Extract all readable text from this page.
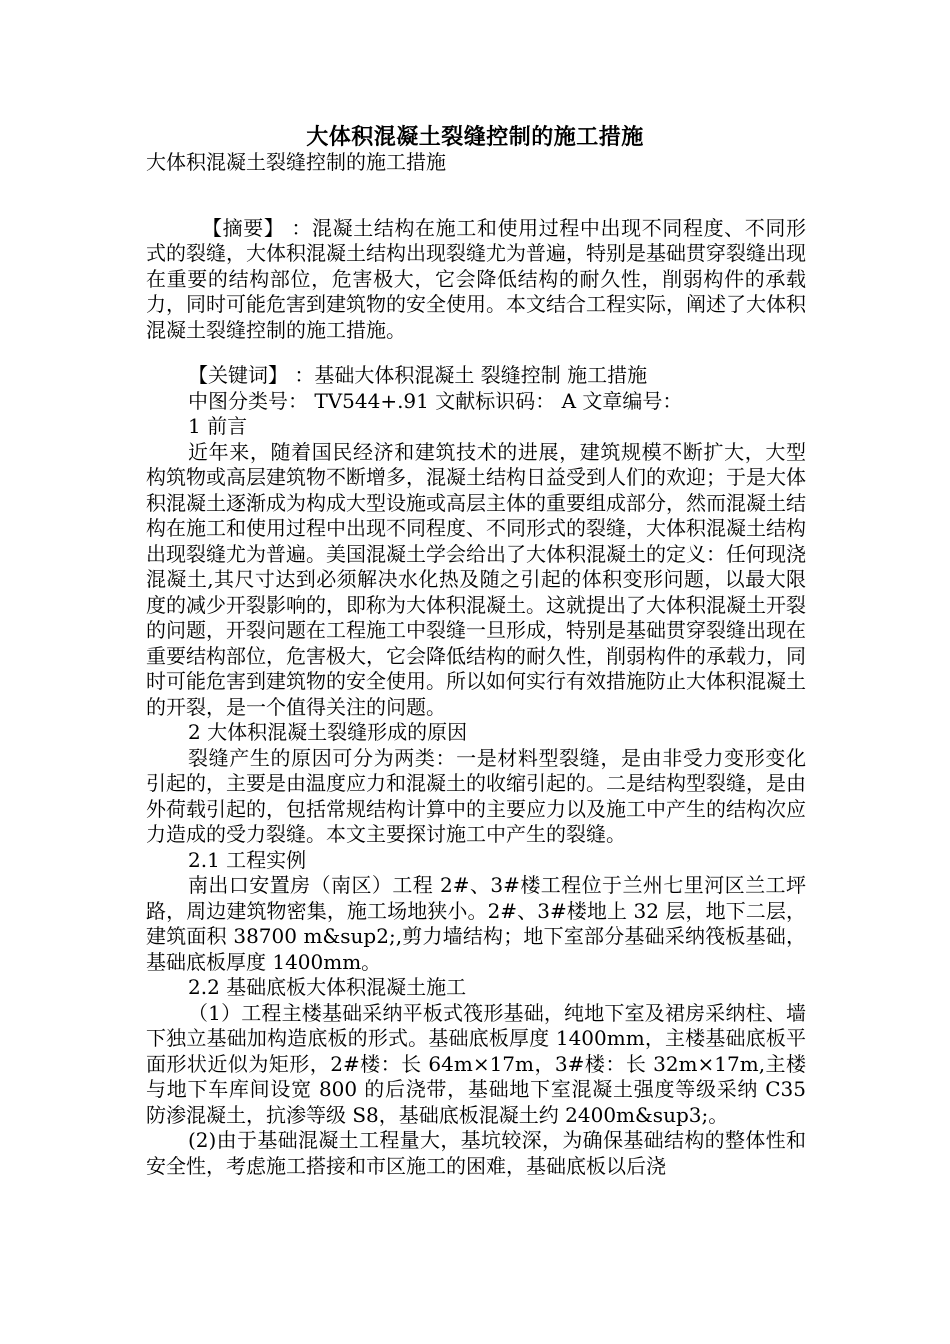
大体积混凝土裂缝控制的施工措施

大体积混凝土裂缝控制的施工措施

【摘要】 ：混凝土结构在施工和使用过程中出现不同程度、不同形式的裂缝，大体积混凝土结构出现裂缝尤为普遍，特别是基础贯穿裂缝出现在重要的结构部位，危害极大，它会降低结构的耐久性，削弱构件的承载力，同时可能危害到建筑物的安全使用。本文结合工程实际，阐述了大体积混凝土裂缝控制的施工措施。

【关键词】 ：基础大体积混凝土 裂缝控制 施工措施

中图分类号： TV544+.91 文献标识码： A 文章编号：

1 前言

近年来，随着国民经济和建筑技术的进展，建筑规模不断扩大，大型构筑物或高层建筑物不断增多，混凝土结构日益受到人们的欢迎；于是大体积混凝土逐渐成为构成大型设施或高层主体的重要组成部分，然而混凝土结构在施工和使用过程中出现不同程度、不同形式的裂缝，大体积混凝土结构出现裂缝尤为普遍。美国混凝土学会给出了大体积混凝土的定义：任何现浇混凝土,其尺寸达到必须解决水化热及随之引起的体积变形问题，以最大限度的减少开裂影响的，即称为大体积混凝土。这就提出了大体积混凝土开裂的问题，开裂问题在工程施工中裂缝一旦形成，特别是基础贯穿裂缝出现在重要结构部位，危害极大，它会降低结构的耐久性，削弱构件的承载力，同时可能危害到建筑物的安全使用。所以如何实行有效措施防止大体积混凝土的开裂，是一个值得关注的问题。

2 大体积混凝土裂缝形成的原因

裂缝产生的原因可分为两类：一是材料型裂缝，是由非受力变形变化引起的，主要是由温度应力和混凝土的收缩引起的。二是结构型裂缝，是由外荷载引起的，包括常规结构计算中的主要应力以及施工中产生的结构次应力造成的受力裂缝。本文主要探讨施工中产生的裂缝。

2.1 工程实例

南出口安置房（南区）工程 2#、3#楼工程位于兰州七里河区兰工坪路，周边建筑物密集，施工场地狭小。2#、3#楼地上 32 层，地下二层，建筑面积 38700 m&sup2;,剪力墙结构；地下室部分基础采纳筏板基础，基础底板厚度 1400mm。

2.2 基础底板大体积混凝土施工

（1）工程主楼基础采纳平板式筏形基础，纯地下室及裙房采纳柱、墙下独立基础加构造底板的形式。基础底板厚度 1400mm，主楼基础底板平面形状近似为矩形，2#楼：长 64m×17m，3#楼：长 32m×17m,主楼与地下车库间设宽 800 的后浇带，基础地下室混凝土强度等级采纳 C35 防渗混凝土，抗渗等级 S8，基础底板混凝土约 2400m&sup3;。

(2)由于基础混凝土工程量大，基坑较深，为确保基础结构的整体性和安全性，考虑施工搭接和市区施工的困难，基础底板以后浇
